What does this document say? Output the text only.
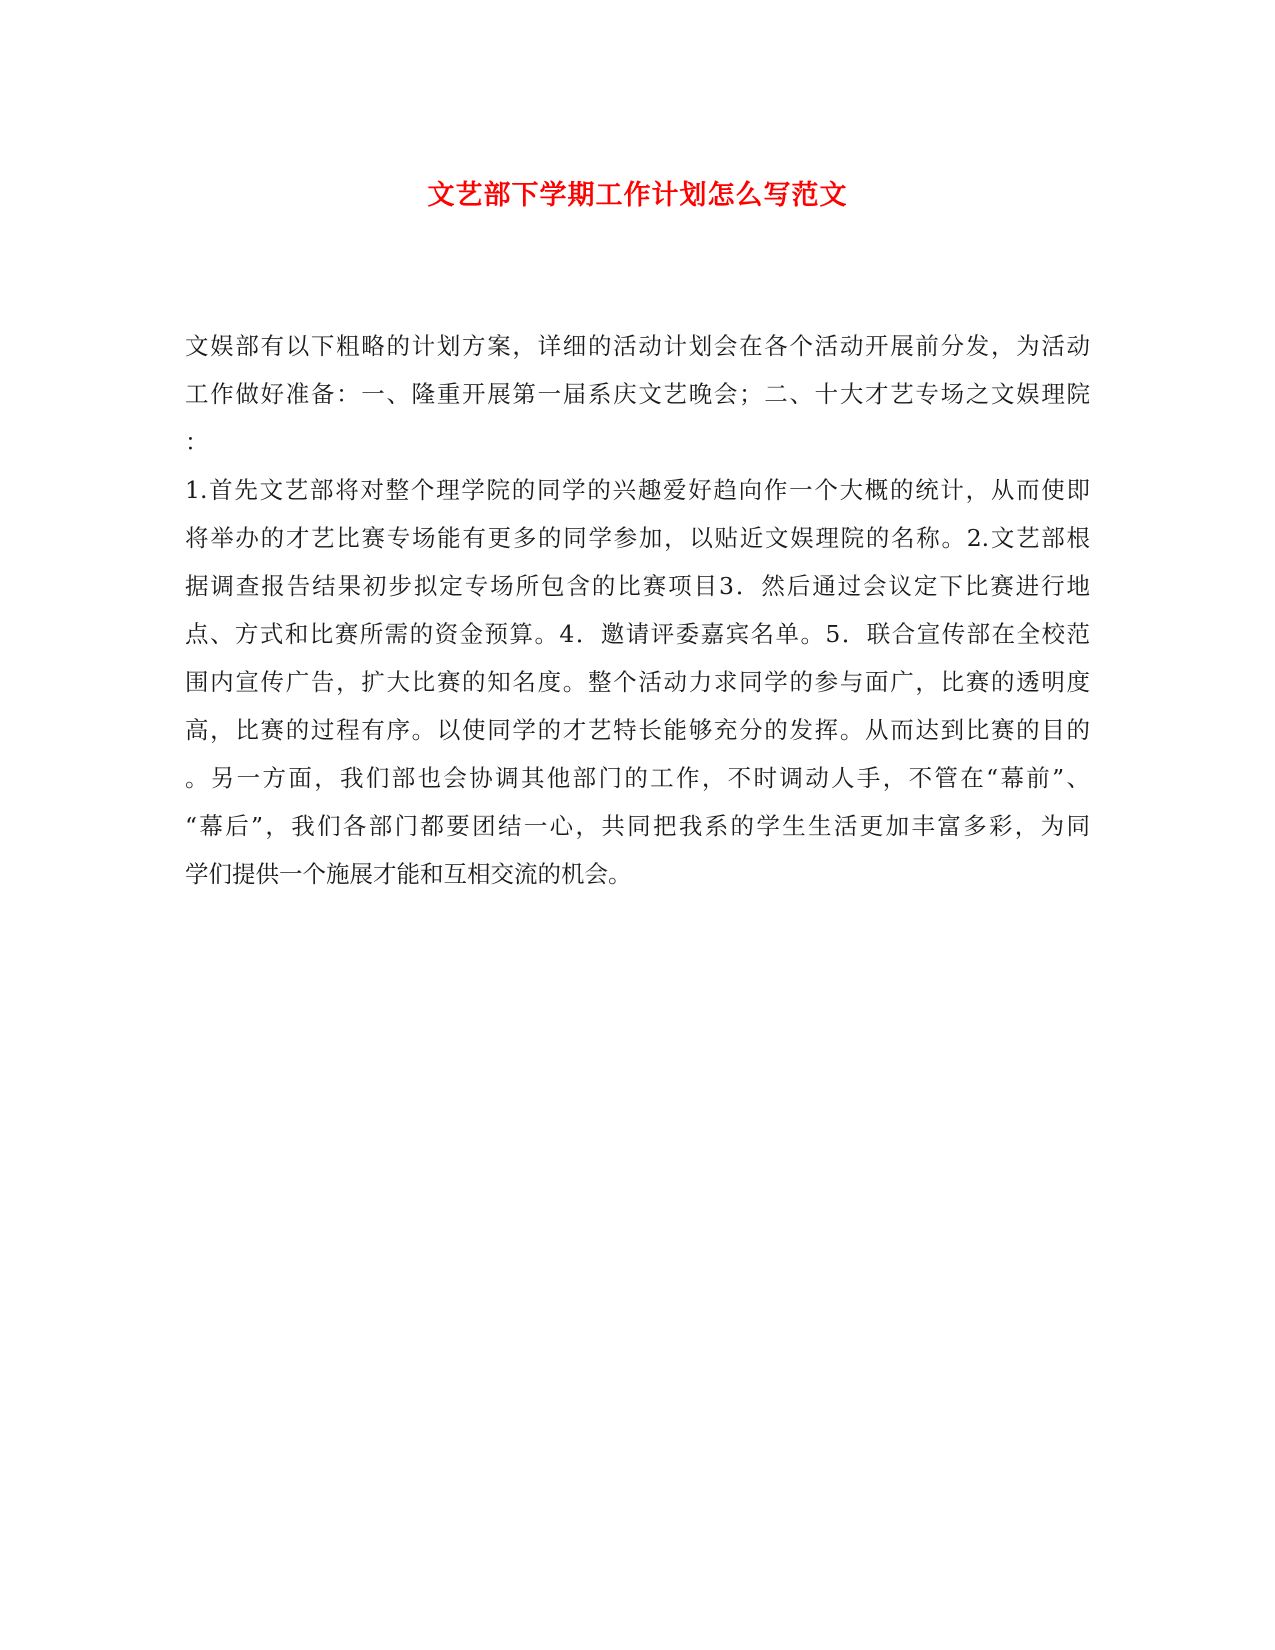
文艺部下学期工作计划怎么写范文

文娱部有以下粗略的计划方案，详细的活动计划会在各个活动开展前分发，为活动

工作做好准备：一、隆重开展第一届系庆文艺晚会；二、十大才艺专场之文娱理院

：

1.首先文艺部将对整个理学院的同学的兴趣爱好趋向作一个大概的统计，从而使即

将举办的才艺比赛专场能有更多的同学参加，以贴近文娱理院的名称。2.文艺部根

据调查报告结果初步拟定专场所包含的比赛项目3．然后通过会议定下比赛进行地

点、方式和比赛所需的资金预算。4．邀请评委嘉宾名单。5．联合宣传部在全校范

围内宣传广告，扩大比赛的知名度。整个活动力求同学的参与面广，比赛的透明度

高，比赛的过程有序。以使同学的才艺特长能够充分的发挥。从而达到比赛的目的

。另一方面，我们部也会协调其他部门的工作，不时调动人手，不管在“幕前”、

“幕后”，我们各部门都要团结一心，共同把我系的学生生活更加丰富多彩，为同

学们提供一个施展才能和互相交流的机会。
